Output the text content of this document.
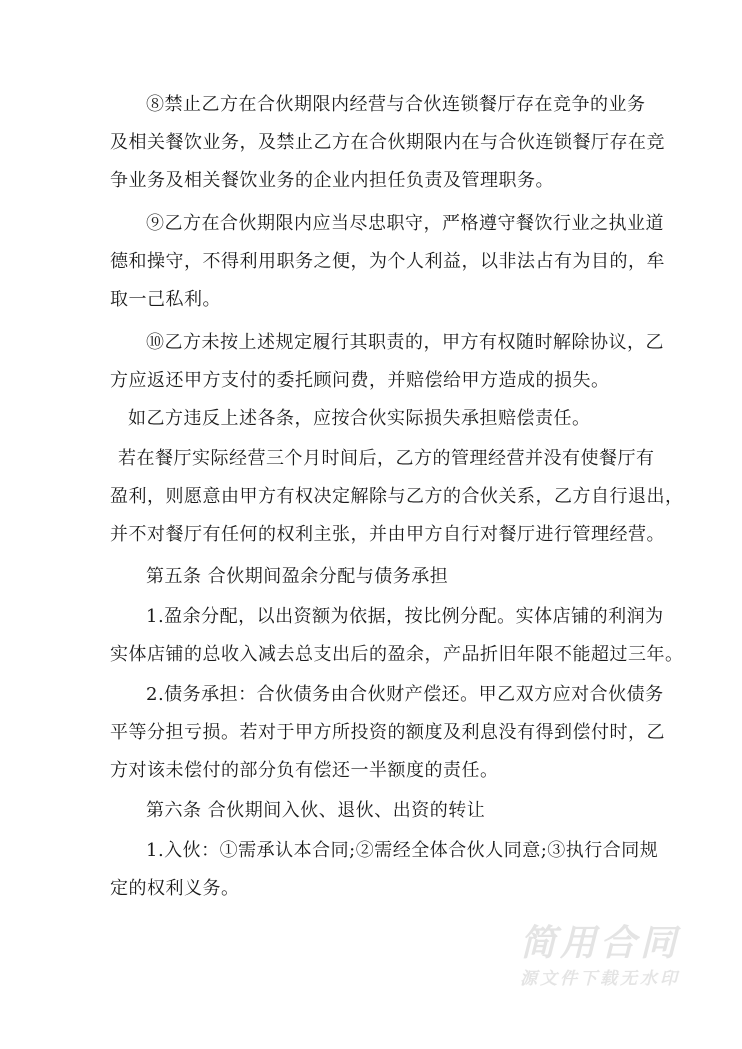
⑧禁止乙方在合伙期限内经营与合伙连锁餐厅存在竞争的业务
及相关餐饮业务，及禁止乙方在合伙期限内在与合伙连锁餐厅存在竞
争业务及相关餐饮业务的企业内担任负责及管理职务。
⑨乙方在合伙期限内应当尽忠职守，严格遵守餐饮行业之执业道
德和操守，不得利用职务之便，为个人利益，以非法占有为目的，牟
取一己私利。
⑩乙方未按上述规定履行其职责的，甲方有权随时解除协议，乙
方应返还甲方支付的委托顾问费，并赔偿给甲方造成的损失。
如乙方违反上述各条，应按合伙实际损失承担赔偿责任。
若在餐厅实际经营三个月时间后，乙方的管理经营并没有使餐厅有
盈利，则愿意由甲方有权决定解除与乙方的合伙关系，乙方自行退出，
并不对餐厅有任何的权利主张，并由甲方自行对餐厅进行管理经营。
第五条 合伙期间盈余分配与债务承担
1.盈余分配，以出资额为依据，按比例分配。实体店铺的利润为
实体店铺的总收入减去总支出后的盈余，产品折旧年限不能超过三年。
2.债务承担：合伙债务由合伙财产偿还。甲乙双方应对合伙债务
平等分担亏损。若对于甲方所投资的额度及利息没有得到偿付时，乙
方对该未偿付的部分负有偿还一半额度的责任。
第六条 合伙期间入伙、退伙、出资的转让
1.入伙：①需承认本合同;②需经全体合伙人同意;③执行合同规
定的权利义务。
简用合同
源文件下载无水印
